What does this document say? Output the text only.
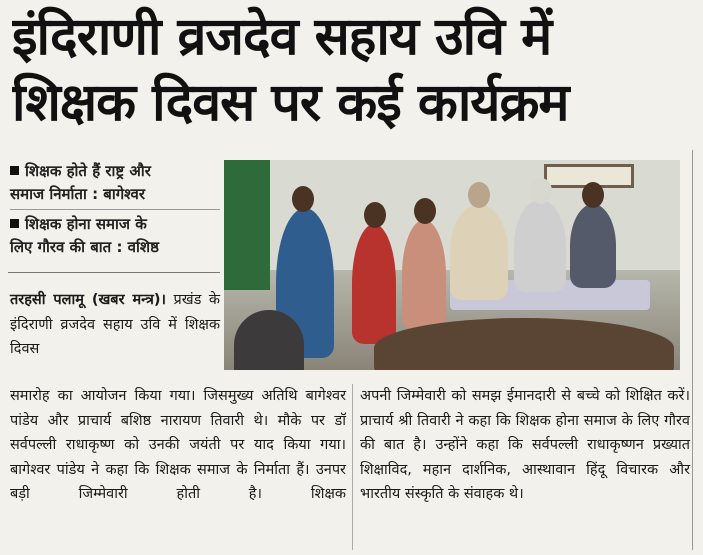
इंदिराणी व्रजदेव सहाय उवि में
शिक्षक दिवस पर कई कार्यक्रम
शिक्षक होते हैं राष्ट्र और
समाज निर्माता : बागेश्वर
शिक्षक होना समाज के
लिए गौरव की बात : वशिष्ठ
तरहसी पलामू (खबर मन्त्र)। प्रखंड के इंदिराणी व्रजदेव सहाय उवि में शिक्षक दिवस
समारोह का आयोजन किया गया। जिसमुख्य अतिथि बागेश्वर पांडेय और प्राचार्य बशिष्ठ नारायण तिवारी थे। मौके पर डॉ सर्वपल्ली राधाकृष्ण को उनकी जयंती पर याद किया गया। बागेश्वर पांडेय ने कहा कि शिक्षक समाज के निर्माता हैं। उनपर बड़ी जिम्मेवारी होती है। शिक्षक
अपनी जिम्मेवारी को समझ ईमानदारी से बच्चे को शिक्षित करें। प्राचार्य श्री तिवारी ने कहा कि शिक्षक होना समाज के लिए गौरव की बात है। उन्होंने कहा कि सर्वपल्ली राधाकृष्णन प्रख्यात शिक्षाविद, महान दार्शनिक, आस्थावान हिंदू विचारक और भारतीय संस्कृति के संवाहक थे।
